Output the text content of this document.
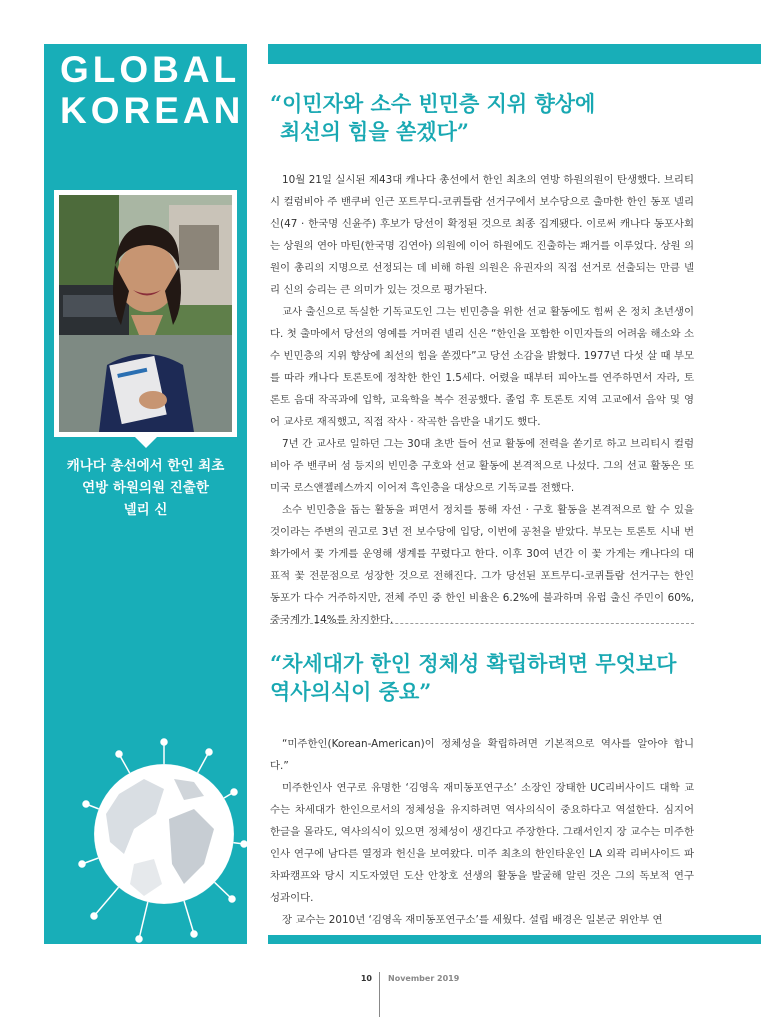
GLOBAL
KOREAN
캐나다 총선에서 한인 최초
연방 하원의원 진출한
넬리 신
“이민자와 소수 빈민층 지위 향상에
최선의 힘을 쏟겠다”

10월 21일 실시된 제43대 캐나다 총선에서 한인 최초의 연방 하원의원이 탄생했다. 브리티시 컬럼비아 주 밴쿠버 인근 포트무디-코퀴틀람 선거구에서 보수당으로 출마한 한인 동포 넬리 신(47 · 한국명 신윤주) 후보가 당선이 확정된 것으로 최종 집계됐다. 이로써 캐나다 동포사회는 상원의 연아 마틴(한국명 김연아) 의원에 이어 하원에도 진출하는 쾌거를 이루었다. 상원 의원이 총리의 지명으로 선정되는 데 비해 하원 의원은 유권자의 직접 선거로 선출되는 만큼 넬리 신의 승리는 큰 의미가 있는 것으로 평가된다.

교사 출신으로 독실한 기독교도인 그는 빈민층을 위한 선교 활동에도 힘써 온 정치 초년생이다. 첫 출마에서 당선의 영예를 거머쥔 넬리 신은 “한인을 포함한 이민자들의 어려움 해소와 소수 빈민층의 지위 향상에 최선의 힘을 쏟겠다”고 당선 소감을 밝혔다. 1977년 다섯 살 때 부모를 따라 캐나다 토론토에 정착한 한인 1.5세다. 어렸을 때부터 피아노를 연주하면서 자라, 토론토 음대 작곡과에 입학, 교육학을 복수 전공했다. 졸업 후 토론토 지역 고교에서 음악 및 영어 교사로 재직했고, 직접 작사 · 작곡한 음반을 내기도 했다.

7년 간 교사로 일하던 그는 30대 초반 들어 선교 활동에 전력을 쏟기로 하고 브리티시 컬럼비아 주 밴쿠버 섬 등지의 빈민층 구호와 선교 활동에 본격적으로 나섰다. 그의 선교 활동은 또 미국 로스앤젤레스까지 이어져 흑인층을 대상으로 기독교를 전했다.

소수 빈민층을 돕는 활동을 펴면서 정치를 통해 자선 · 구호 활동을 본격적으로 할 수 있을 것이라는 주변의 권고로 3년 전 보수당에 입당, 이번에 공천을 받았다. 부모는 토론토 시내 번화가에서 꽃 가게를 운영해 생계를 꾸렸다고 한다. 이후 30여 년간 이 꽃 가게는 캐나다의 대표적 꽃 전문점으로 성장한 것으로 전해진다. 그가 당선된 포트무디-코퀴틀람 선거구는 한인 동포가 다수 거주하지만, 전체 주민 중 한인 비율은 6.2%에 불과하며 유럽 출신 주민이 60%, 중국계가 14%를 차지한다.

“차세대가 한인 정체성 확립하려면 무엇보다
역사의식이 중요”

“미주한인(Korean-American)이 정체성을 확립하려면 기본적으로 역사를 알아야 합니다.”

미주한인사 연구로 유명한 ‘김영옥 재미동포연구소’ 소장인 장태한 UC리버사이드 대학 교수는 차세대가 한인으로서의 정체성을 유지하려면 역사의식이 중요하다고 역설한다. 심지어 한글을 몰라도, 역사의식이 있으면 정체성이 생긴다고 주장한다. 그래서인지 장 교수는 미주한인사 연구에 남다른 열정과 헌신을 보여왔다. 미주 최초의 한인타운인 LA 외곽 리버사이드 파차파캠프와 당시 지도자였던 도산 안창호 선생의 활동을 발굴해 알린 것은 그의 독보적 연구 성과이다.

장 교수는 2010년 ‘김영옥 재미동포연구소’를 세웠다. 설립 배경은 일본군 위안부 연

10 November 2019
